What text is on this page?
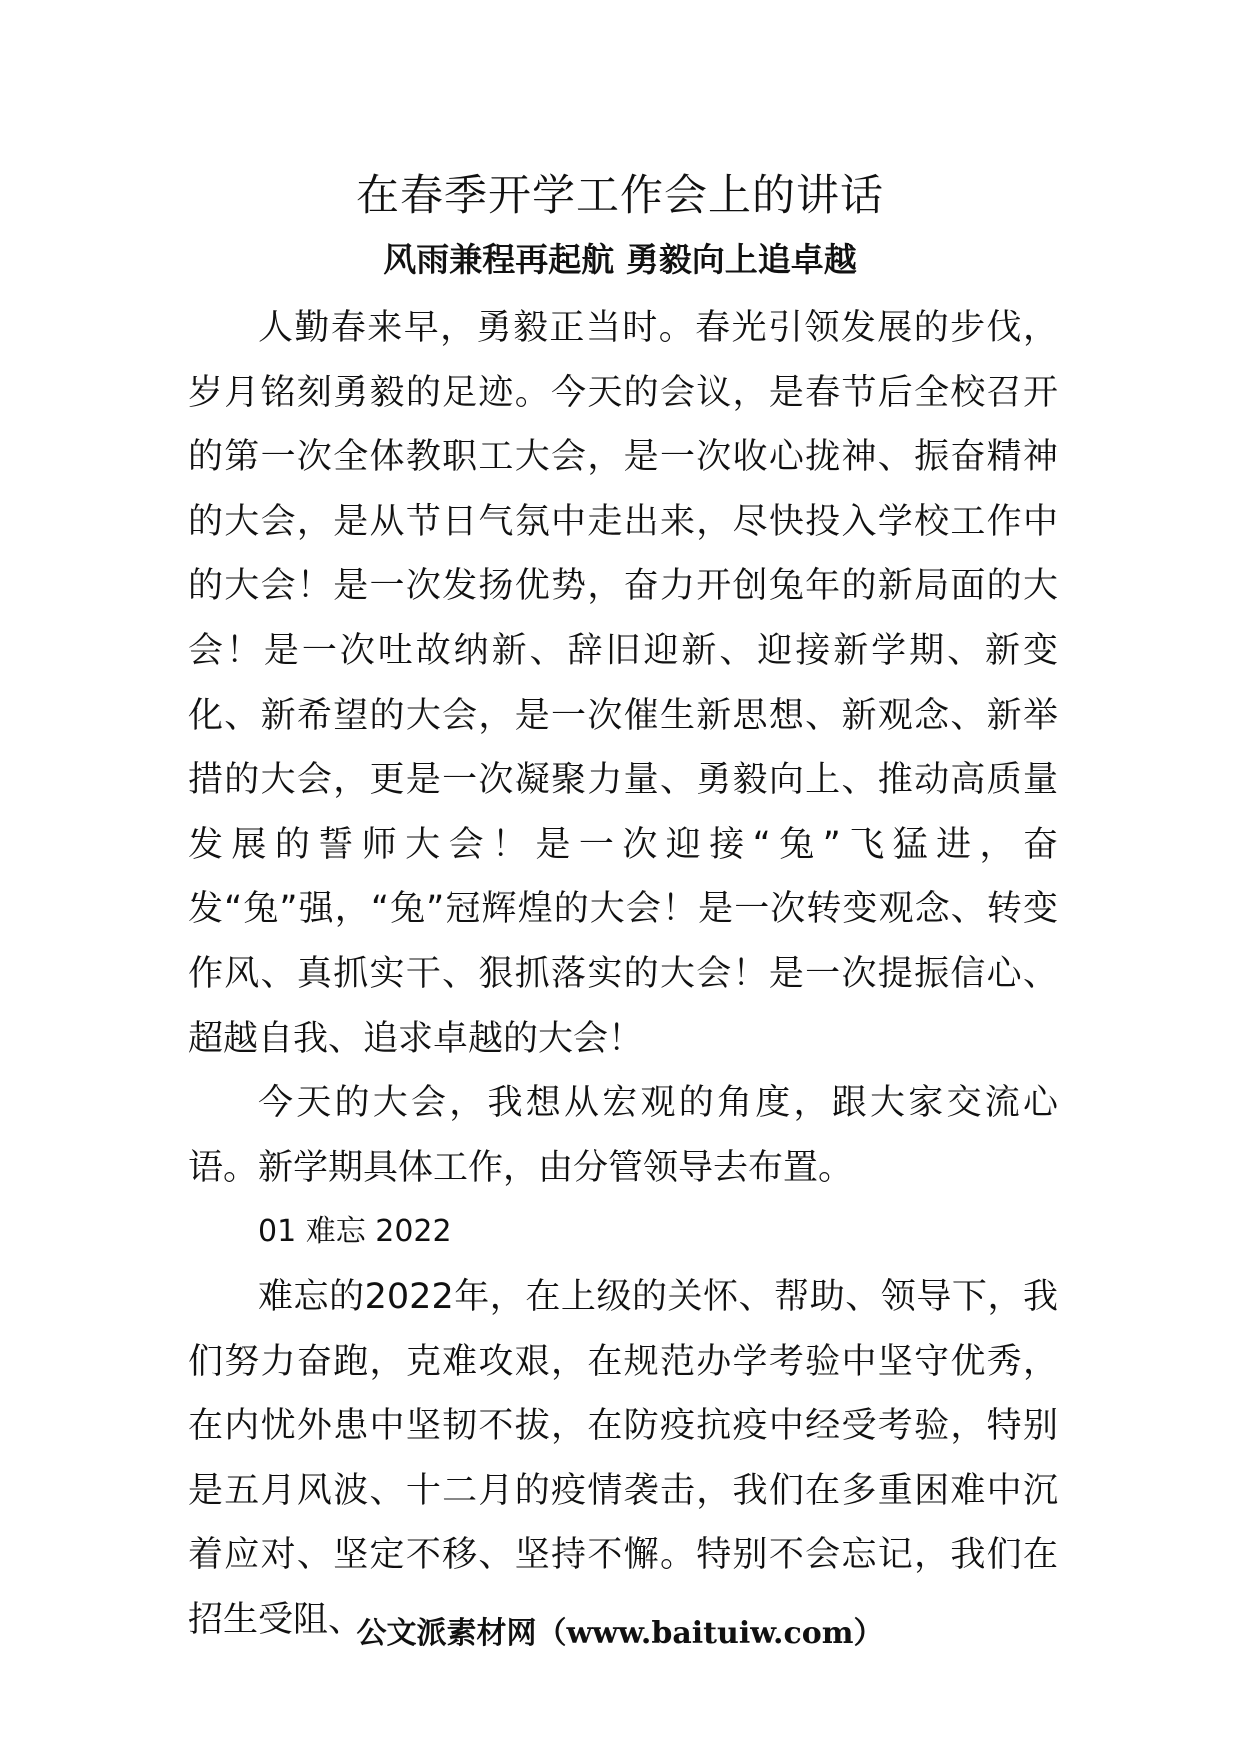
在春季开学工作会上的讲话
风雨兼程再起航 勇毅向上追卓越

人勤春来早，勇毅正当时。春光引领发展的步伐，岁月铭刻勇毅的足迹。今天的会议，是春节后全校召开的第一次全体教职工大会，是一次收心拢神、振奋精神的大会，是从节日气氛中走出来，尽快投入学校工作中的大会！是一次发扬优势，奋力开创兔年的新局面的大会！是一次吐故纳新、辞旧迎新、迎接新学期、新变化、新希望的大会，是一次催生新思想、新观念、新举措的大会，更是一次凝聚力量、勇毅向上、推动高质量发展的誓师大会！是一次迎接“兔”飞猛进，奋发“兔”强，“兔”冠辉煌的大会！是一次转变观念、转变作风、真抓实干、狠抓落实的大会！是一次提振信心、超越自我、追求卓越的大会！

今天的大会，我想从宏观的角度，跟大家交流心语。新学期具体工作，由分管领导去布置。

01 难忘 2022

难忘的2022年，在上级的关怀、帮助、领导下，我们努力奋跑，克难攻艰，在规范办学考验中坚守优秀，在内忧外患中坚韧不拔，在防疫抗疫中经受考验，特别是五月风波、十二月的疫情袭击，我们在多重困难中沉着应对、坚定不移、坚持不懈。特别不会忘记，我们在招生受阻、

公文派素材网（www.baituiw.com）
